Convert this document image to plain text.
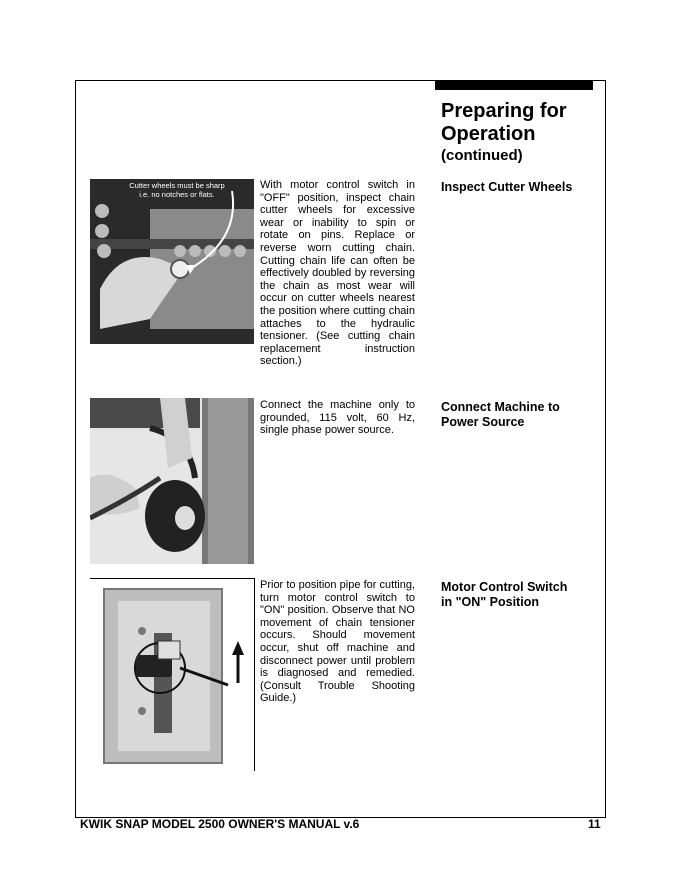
Preparing for
Operation
(continued)
Cutter wheels must be sharp
i.e. no notches or flats.
With motor control switch in "OFF" position, inspect chain cutter wheels for excessive wear or inability to spin or rotate on pins. Replace or reverse worn cutting chain. Cutting chain life can often be effectively doubled by reversing the chain as most wear will occur on cutter wheels nearest the position where cutting chain attaches to the hydraulic tensioner. (See cutting chain replacement instruction section.)
Inspect Cutter Wheels
Connect the machine only to grounded, 115 volt, 60 Hz, single phase power source.
Connect Machine to
Power Source
Prior to position pipe for cutting, turn motor control switch to "ON" position. Observe that NO movement of chain tensioner occurs. Should movement occur, shut off machine and disconnect power until problem is diagnosed and remedied. (Consult Trouble Shooting Guide.)
Motor Control Switch
in "ON" Position
KWIK SNAP MODEL 2500 OWNER'S MANUAL v.6	11
